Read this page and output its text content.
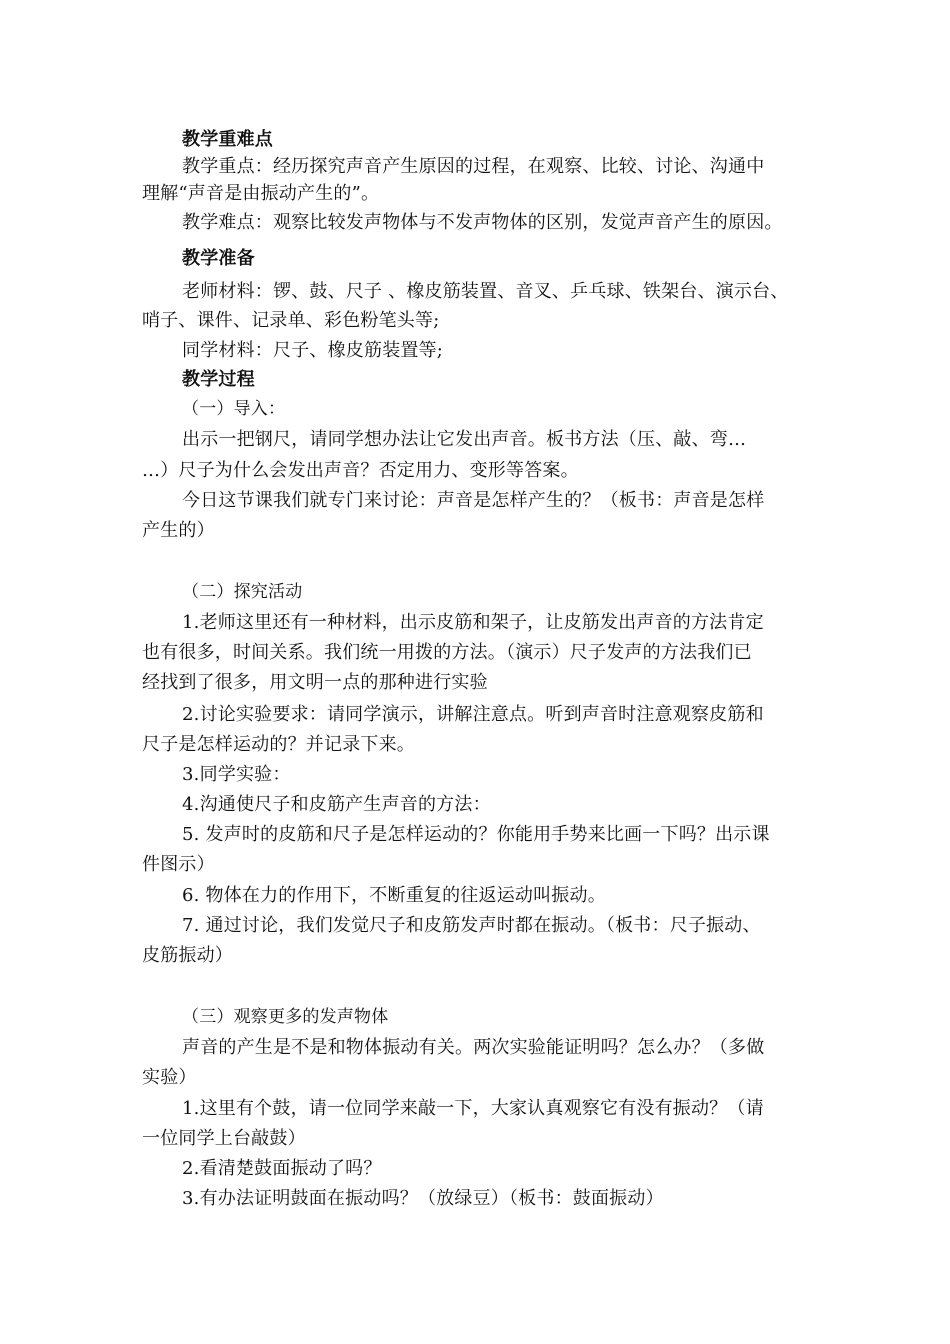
教学重难点
教学重点：经历探究声音产生原因的过程，在观察、比较、讨论、沟通中
理解“声音是由振动产生的”。
教学难点：观察比较发声物体与不发声物体的区别，发觉声音产生的原因。
教学准备
老师材料：锣、鼓、尺子 、橡皮筋装置、音叉、乒乓球、铁架台、演示台、
哨子、课件、记录单、彩色粉笔头等;
同学材料：尺子、橡皮筋装置等;
教学过程
（一）导入：
出示一把钢尺，请同学想办法让它发出声音。板书方法（压、敲、弯…
…）尺子为什么会发出声音？否定用力、变形等答案。
今日这节课我们就专门来讨论：声音是怎样产生的？（板书：声音是怎样
产生的）
（二）探究活动
1.老师这里还有一种材料，出示皮筋和架子，让皮筋发出声音的方法肯定
也有很多，时间关系。我们统一用拨的方法。（演示）尺子发声的方法我们已
经找到了很多，用文明一点的那种进行实验
2.讨论实验要求：请同学演示，讲解注意点。听到声音时注意观察皮筋和
尺子是怎样运动的？并记录下来。
3.同学实验：
4.沟通使尺子和皮筋产生声音的方法：
5. 发声时的皮筋和尺子是怎样运动的？你能用手势来比画一下吗？出示课
件图示）
6. 物体在力的作用下，不断重复的往返运动叫振动。
7. 通过讨论，我们发觉尺子和皮筋发声时都在振动。（板书：尺子振动、
皮筋振动）
（三）观察更多的发声物体
声音的产生是不是和物体振动有关。两次实验能证明吗？怎么办？（多做
实验）
1.这里有个鼓，请一位同学来敲一下，大家认真观察它有没有振动？（请
一位同学上台敲鼓）
2.看清楚鼓面振动了吗？
3.有办法证明鼓面在振动吗？（放绿豆）（板书：鼓面振动）
